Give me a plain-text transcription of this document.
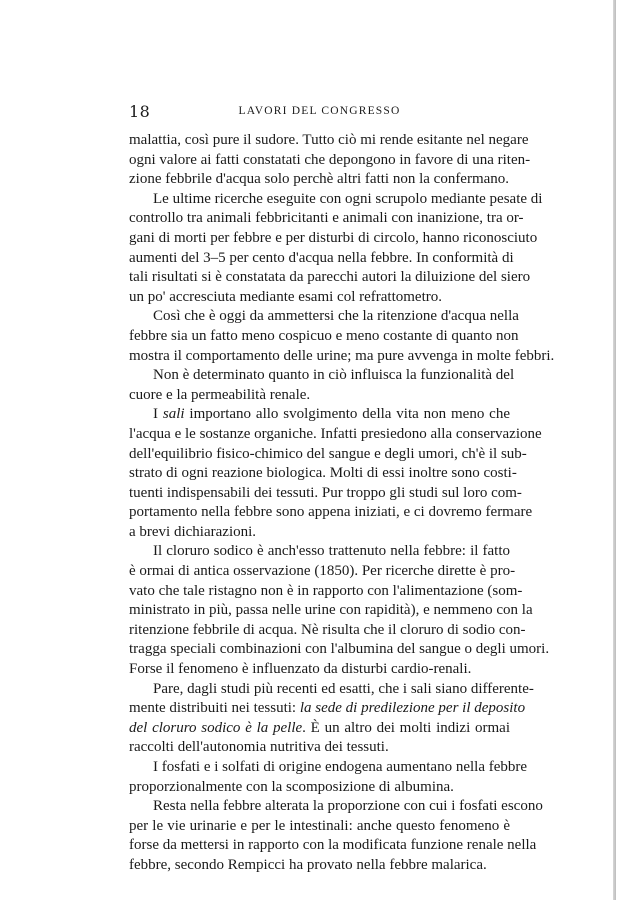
18	LAVORI DEL CONGRESSO
malattia, così pure il sudore. Tutto ciò mi rende esitante nel negare
ogni valore ai fatti constatati che depongono in favore di una riten-
zione febbrile d'acqua solo perchè altri fatti non la confermano.
Le ultime ricerche eseguite con ogni scrupolo mediante pesate di
controllo tra animali febbricitanti e animali con inanizione, tra or-
gani di morti per febbre e per disturbi di circolo, hanno riconosciuto
aumenti del 3–5 per cento d'acqua nella febbre. In conformità di
tali risultati si è constatata da parecchi autori la diluizione del siero
un po' accresciuta mediante esami col refrattometro.
Così che è oggi da ammettersi che la ritenzione d'acqua nella
febbre sia un fatto meno cospicuo e meno costante di quanto non
mostra il comportamento delle urine; ma pure avvenga in molte febbri.
Non è determinato quanto in ciò influisca la funzionalità del
cuore e la permeabilità renale.
I sali importano allo svolgimento della vita non meno che
l'acqua e le sostanze organiche. Infatti presiedono alla conservazione
dell'equilibrio fisico-chimico del sangue e degli umori, ch'è il sub-
strato di ogni reazione biologica. Molti di essi inoltre sono costi-
tuenti indispensabili dei tessuti. Pur troppo gli studi sul loro com-
portamento nella febbre sono appena iniziati, e ci dovremo fermare
a brevi dichiarazioni.
Il cloruro sodico è anch'esso trattenuto nella febbre: il fatto
è ormai di antica osservazione (1850). Per ricerche dirette è pro-
vato che tale ristagno non è in rapporto con l'alimentazione (som-
ministrato in più, passa nelle urine con rapidità), e nemmeno con la
ritenzione febbrile di acqua. Nè risulta che il cloruro di sodio con-
tragga speciali combinazioni con l'albumina del sangue o degli umori.
Forse il fenomeno è influenzato da disturbi cardio-renali.
Pare, dagli studi più recenti ed esatti, che i sali siano differente-
mente distribuiti nei tessuti: la sede di predilezione per il deposito
del cloruro sodico è la pelle. È un altro dei molti indizi ormai
raccolti dell'autonomia nutritiva dei tessuti.
I fosfati e i solfati di origine endogena aumentano nella febbre
proporzionalmente con la scomposizione di albumina.
Resta nella febbre alterata la proporzione con cui i fosfati escono
per le vie urinarie e per le intestinali: anche questo fenomeno è
forse da mettersi in rapporto con la modificata funzione renale nella
febbre, secondo Rempicci ha provato nella febbre malarica.
